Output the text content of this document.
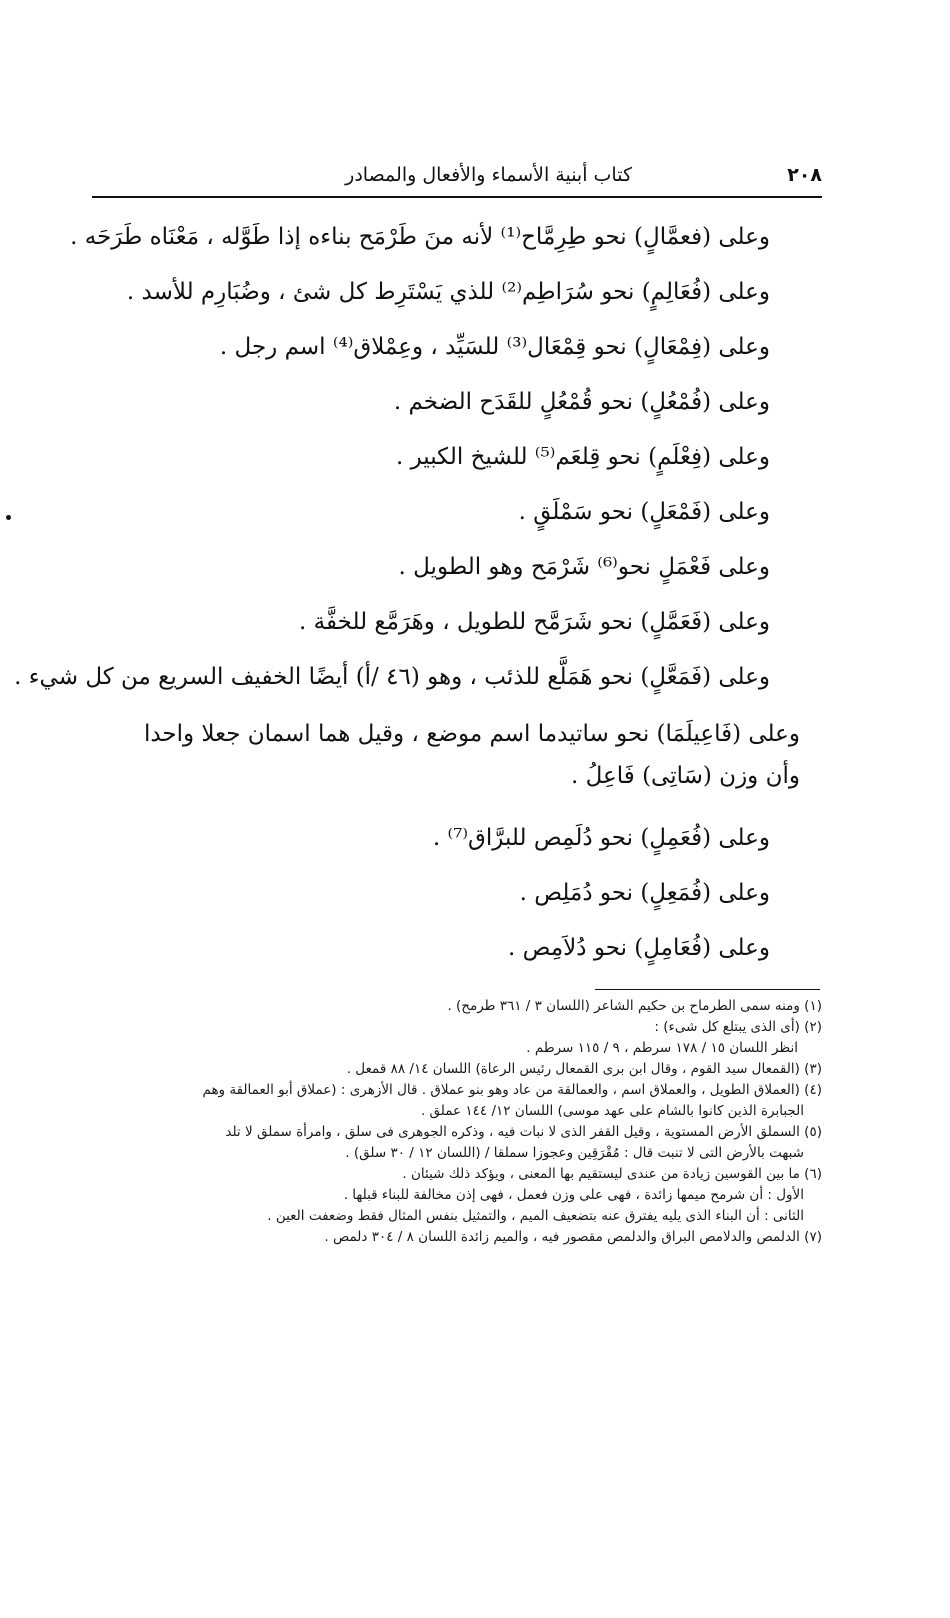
٢٠٨
كتاب أبنية الأسماء والأفعال والمصادر
وعلى (فعمَّالٍ) نحو طِرِمَّاح⁽¹⁾ لأنه منَ طَرْمَح بناءه إذا طَوَّله ، مَعْنَاه طَرَحَه .
وعلى (فُعَالِمٍ) نحو سُرَاطِم⁽²⁾ للذي يَسْتَرِط كل شئ ، وضُبَارِم للأسد .
وعلى (فِمْعَالٍ) نحو قِمْعَال⁽³⁾ للسَيِّد ، وعِمْلاق⁽⁴⁾ اسم رجل .
وعلى (فُمْعُلٍ) نحو قُمْعُلٍ للقَدَح الضخم .
وعلى (فِعْلَمٍ) نحو قِلعَم⁽⁵⁾ للشيخ الكبير .
وعلى (فَمْعَلٍ) نحو سَمْلَقٍ .
وعلى فَعْمَلٍ نحو⁽⁶⁾ شَرْمَح وهو الطويل .
وعلى (فَعَمَّلٍ) نحو شَرَمَّح للطويل ، وهَرَمَّع للخفَّة .
وعلى (فَمَعَّلٍ) نحو هَمَلَّع للذئب ، وهو (٤٦ /أ) أيضًا الخفيف السريع من كل شيء .
وعلى (فَاعِيلَمَا) نحو ساتيدما اسم موضع ، وقيل هما اسمان جعلا واحدا
وأن وزن (سَاتِى) فَاعِلُ .
وعلى (فُعَمِلٍ) نحو دُلَمِص للبرَّاق⁽⁷⁾ .
وعلى (فُمَعِلٍ) نحو دُمَلِص .
وعلى (فُعَامِلٍ) نحو دُلاَمِص .
(١) ومنه سمى الطرماح بن حكيم الشاعر (اللسان ٣ / ٣٦١ طرمح) .
(٢) (أى الذى يبتلع كل شىء) :
انظر اللسان ١٥ / ١٧٨ سرطم ، ٩ / ١١٥ سرطم .
(٣) (القمعال سيد القوم ، وقال ابن برى القمعال رئيس الرعاة) اللسان ١٤/ ٨٨ قمعل .
(٤) (العملاق الطويل ، والعملاق اسم ، والعمالقة من عاد وهو بنو عملاق . قال الأزهرى : (عملاق أبو العمالقة وهم
الجبابرة الذين كانوا بالشام على عهد موسى) اللسان ١٢/ ١٤٤ عملق .
(٥) السملق الأرض المستوية ، وقيل القفر الذى لا نبات فيه ، وذكره الجوهرى فى سلق ، وامرأة سملق لا تلد
شبهت بالأرض التى لا تنبت قال : مُقْرَقِين وعجوزا سملقا / (اللسان ١٢ / ٣٠ سلق) .
(٦) ما بين القوسين زيادة من عندى ليستقيم بها المعنى ، ويؤكد ذلك شيئان .
الأول : أن شرمح ميمها زائدة ، فهى على وزن فعمل ، فهى إذن مخالفة للبناء قبلها .
الثانى : أن البناء الذى يليه يفترق عنه بتضعيف الميم ، والتمثيل بنفس المثال فقط وضعفت العين .
(٧) الدلمص والدلامص البراق والدلمص مقصور فيه ، والميم زائدة اللسان ٨ / ٣٠٤ دلمص .
